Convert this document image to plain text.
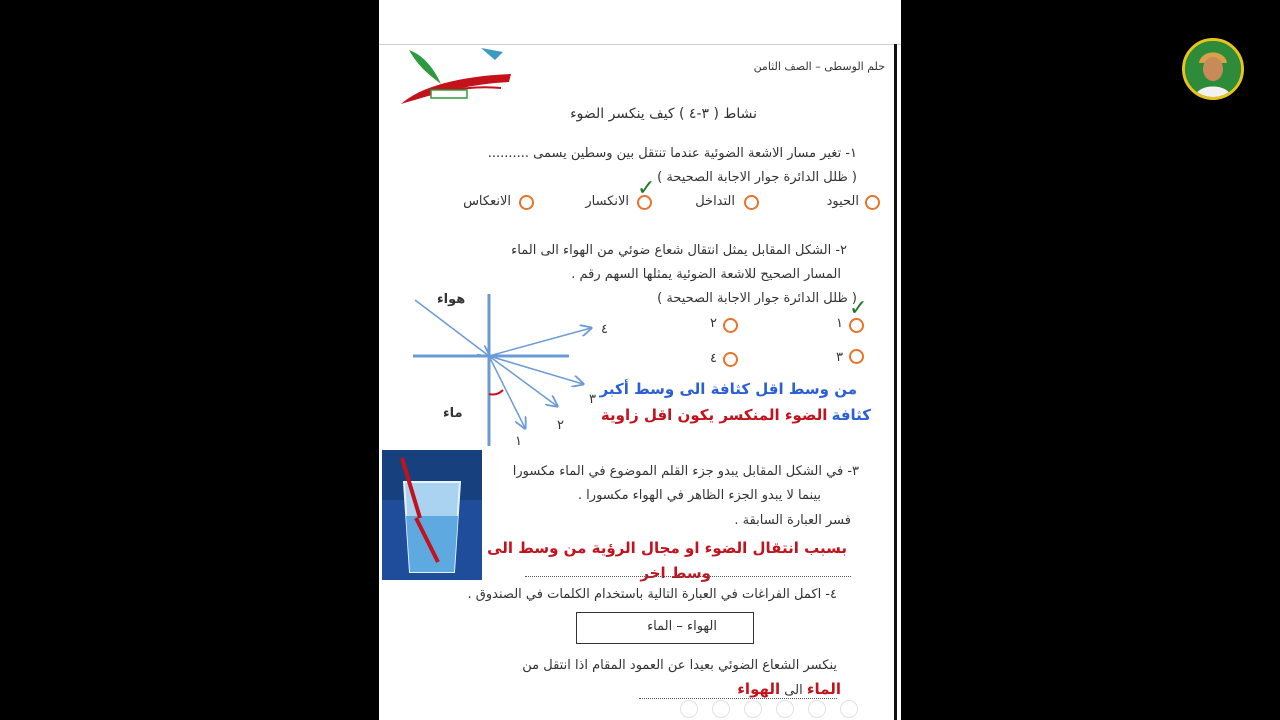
حلم الوسطى – الصف الثامن
نشاط ( ٣-٤ ) كيف ينكسر الضوء
١- تغير مسار الاشعة الضوئية عندما تنتقل بين وسطين يسمى ..........
( ظلل الدائرة جوار الاجابة الصحيحة )
الحيود
التداخل
✓
الانكسار
الانعكاس
٢- الشكل المقابل يمثل انتقال شعاع ضوئي من الهواء الى الماء
المسار الصحيح للاشعة الضوئية يمثلها السهم رقم .
( ظلل الدائرة جوار الاجابة الصحيحة )
هواء
ماء
١
٢
٣
٤
✓
١
٢
٣
٤
من وسط اقل كثافة الى وسط أكبر
كثافة الضوء المنكسر يكون اقل زاوية
٣- في الشكل المقابل يبدو جزء القلم الموضوع في الماء مكسورا
بينما لا يبدو الجزء الظاهر في الهواء مكسورا .
فسر العبارة السابقة .
بسبب انتقال الضوء او مجال الرؤية من وسط الى
وسط اخر
٤- اكمل الفراغات في العبارة التالية باستخدام الكلمات في الصندوق .
الهواء – الماء
ينكسر الشعاع الضوئي بعيدا عن العمود المقام اذا انتقل من
الماء الى الهواء
